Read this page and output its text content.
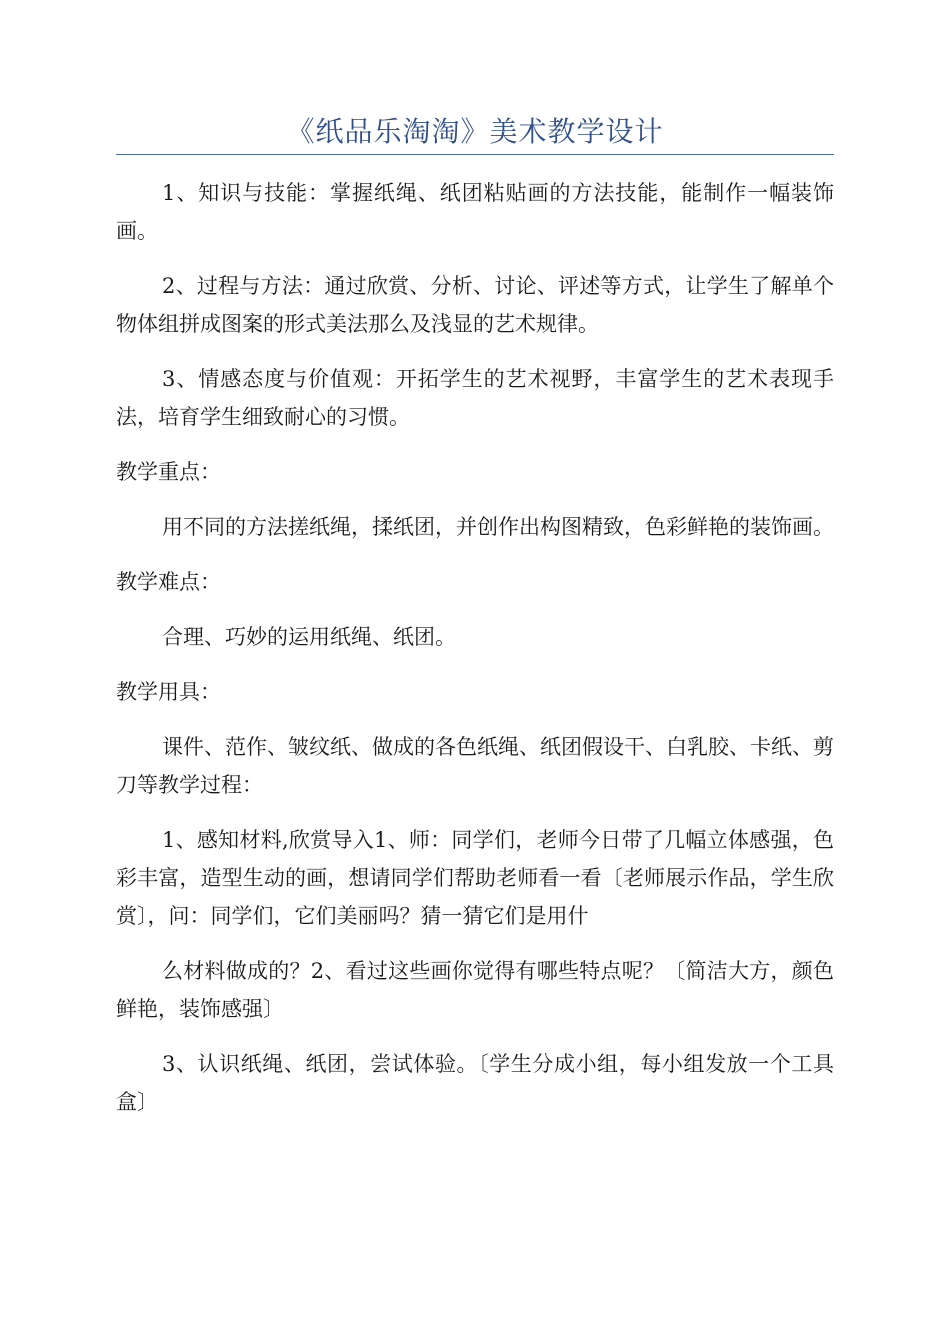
《纸品乐淘淘》美术教学设计

1、知识与技能：掌握纸绳、纸团粘贴画的方法技能，能制作一幅装饰画。

2、过程与方法：通过欣赏、分析、讨论、评述等方式，让学生了解单个物体组拼成图案的形式美法那么及浅显的艺术规律。

3、情感态度与价值观：开拓学生的艺术视野，丰富学生的艺术表现手法，培育学生细致耐心的习惯。

教学重点：

用不同的方法搓纸绳，揉纸团，并创作出构图精致，色彩鲜艳的装饰画。

教学难点：

合理、巧妙的运用纸绳、纸团。

教学用具：

课件、范作、皱纹纸、做成的各色纸绳、纸团假设干、白乳胶、卡纸、剪刀等教学过程：

1、感知材料,欣赏导入1、师：同学们，老师今日带了几幅立体感强，色彩丰富，造型生动的画，想请同学们帮助老师看一看〔老师展示作品，学生欣赏〕，问：同学们，它们美丽吗？猜一猜它们是用什

么材料做成的？2、看过这些画你觉得有哪些特点呢？〔简洁大方，颜色鲜艳，装饰感强〕

3、认识纸绳、纸团，尝试体验。〔学生分成小组，每小组发放一个工具盒〕
